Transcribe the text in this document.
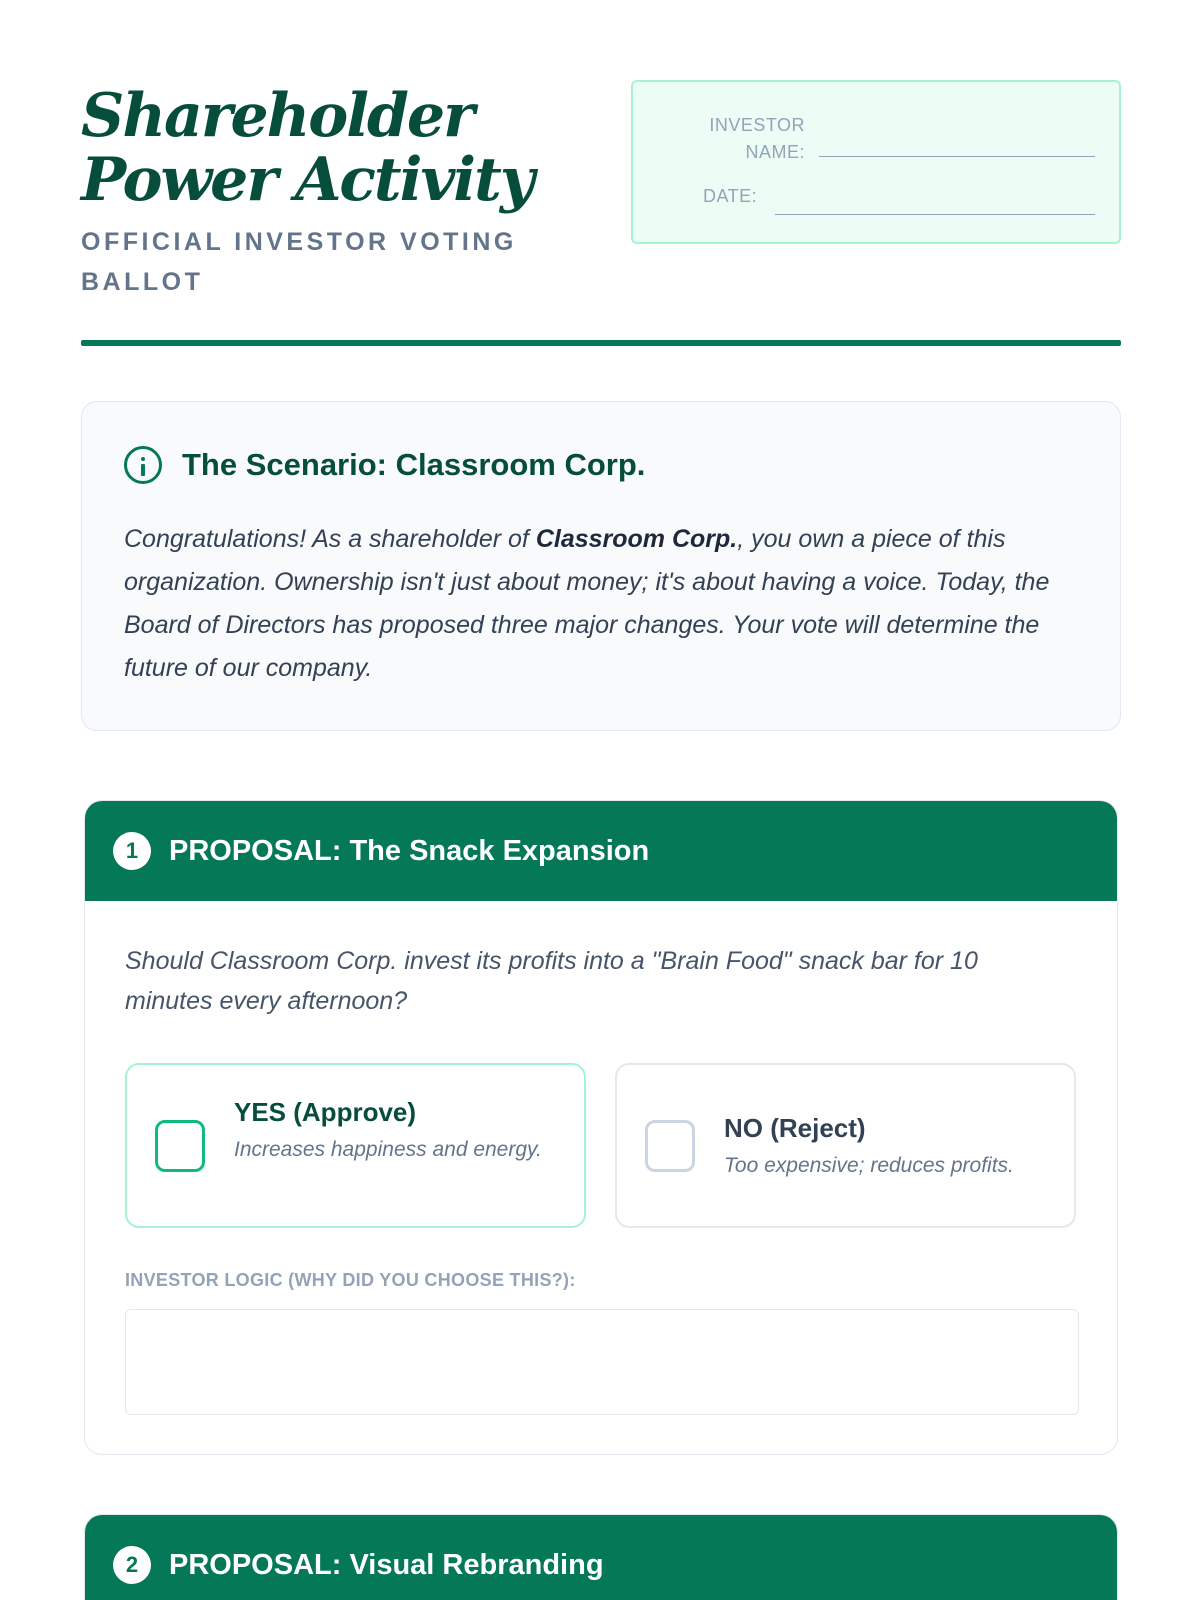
Shareholder Power Activity
OFFICIAL INVESTOR VOTING BALLOT
INVESTOR NAME:
DATE:
The Scenario: Classroom Corp.

Congratulations! As a shareholder of Classroom Corp., you own a piece of this organization. Ownership isn't just about money; it's about having a voice. Today, the Board of Directors has proposed three major changes. Your vote will determine the future of our company.

1	PROPOSAL: The Snack Expansion

Should Classroom Corp. invest its profits into a "Brain Food" snack bar for 10 minutes every afternoon?

YES (Approve)
Increases happiness and energy.
NO (Reject)
Too expensive; reduces profits.
INVESTOR LOGIC (WHY DID YOU CHOOSE THIS?):
2	PROPOSAL: Visual Rebranding
